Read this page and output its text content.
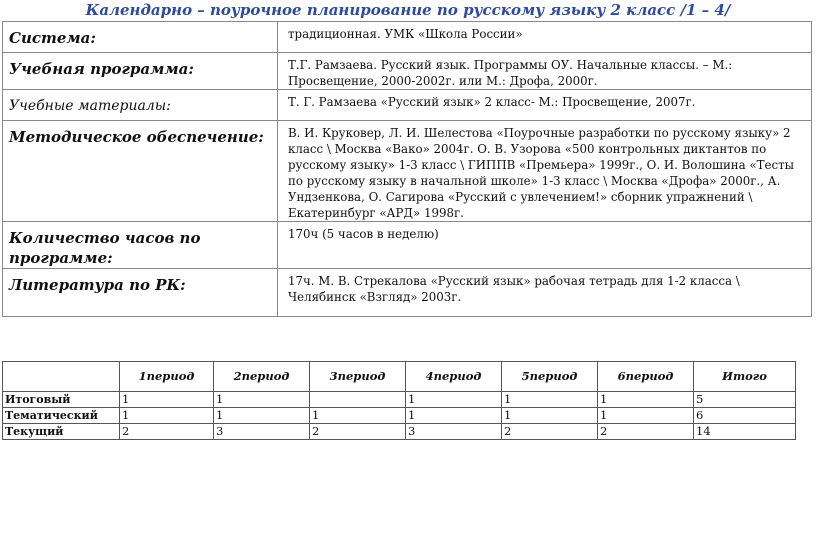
Календарно – поурочное планирование по русскому языку 2 класс /1 – 4/
Система:	традиционная. УМК «Школа России»
Учебная программа:	Т.Г. Рамзаева. Русский язык. Программы ОУ. Начальные классы. – М.: Просвещение, 2000-2002г. или М.: Дрофа, 2000г.
Учебные материалы:	Т. Г. Рамзаева «Русский язык» 2 класс- М.: Просвещение, 2007г.
Методическое обеспечение:	В. И. Круковер, Л. И. Шелестова «Поурочные разработки по русскому языку» 2 класс \ Москва «Вако» 2004г. О. В. Узорова «500 контрольных диктантов по русскому языку» 1-3 класс \ ГИППВ «Премьера» 1999г., О. И. Волошина «Тесты по русскому языку в начальной школе» 1-3 класс \ Москва «Дрофа» 2000г., А. Ундзенкова, О. Сагирова «Русский с увлечением!» сборник упражнений \ Екатеринбург «АРД» 1998г.
Количество часов по программе:	170ч (5 часов в неделю)
Литература по РК:	17ч. М. В. Стрекалова «Русский язык» рабочая тетрадь для 1-2 класса \ Челябинск «Взгляд» 2003г.
	1период	2период	3период	4период	5период	6период	Итого
Итоговый	1	1		1	1	1	5
Тематический	1	1	1	1	1	1	6
Текущий	2	3	2	3	2	2	14
